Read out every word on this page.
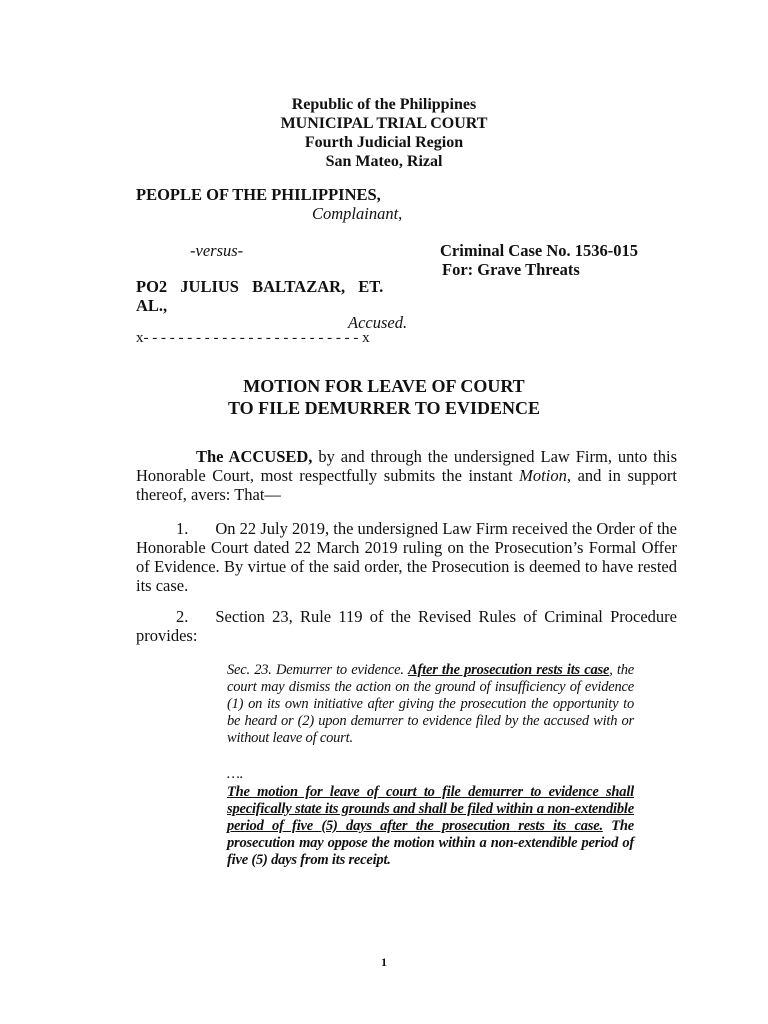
Republic of the Philippines
MUNICIPAL TRIAL COURT
Fourth Judicial Region
San Mateo, Rizal
PEOPLE OF THE PHILIPPINES,
Complainant,
-versus-	Criminal Case No. 1536-015
For: Grave Threats
PO2 JULIUS BALTAZAR, ET.
AL.,
Accused.
x- - - - - - - - - - - - - - - - - - - - - - - - - x
MOTION FOR LEAVE OF COURT
TO FILE DEMURRER TO EVIDENCE
The ACCUSED, by and through the undersigned Law Firm, unto this Honorable Court, most respectfully submits the instant Motion, and in support thereof, avers: That—
1. On 22 July 2019, the undersigned Law Firm received the Order of the Honorable Court dated 22 March 2019 ruling on the Prosecution’s Formal Offer of Evidence. By virtue of the said order, the Prosecution is deemed to have rested its case.
2. Section 23, Rule 119 of the Revised Rules of Criminal Procedure provides:
Sec. 23. Demurrer to evidence. After the prosecution rests its case, the court may dismiss the action on the ground of insufficiency of evidence (1) on its own initiative after giving the prosecution the opportunity to be heard or (2) upon demurrer to evidence filed by the accused with or without leave of court.
….
The motion for leave of court to file demurrer to evidence shall specifically state its grounds and shall be filed within a non-extendible period of five (5) days after the prosecution rests its case. The prosecution may oppose the motion within a non-extendible period of five (5) days from its receipt.
1
